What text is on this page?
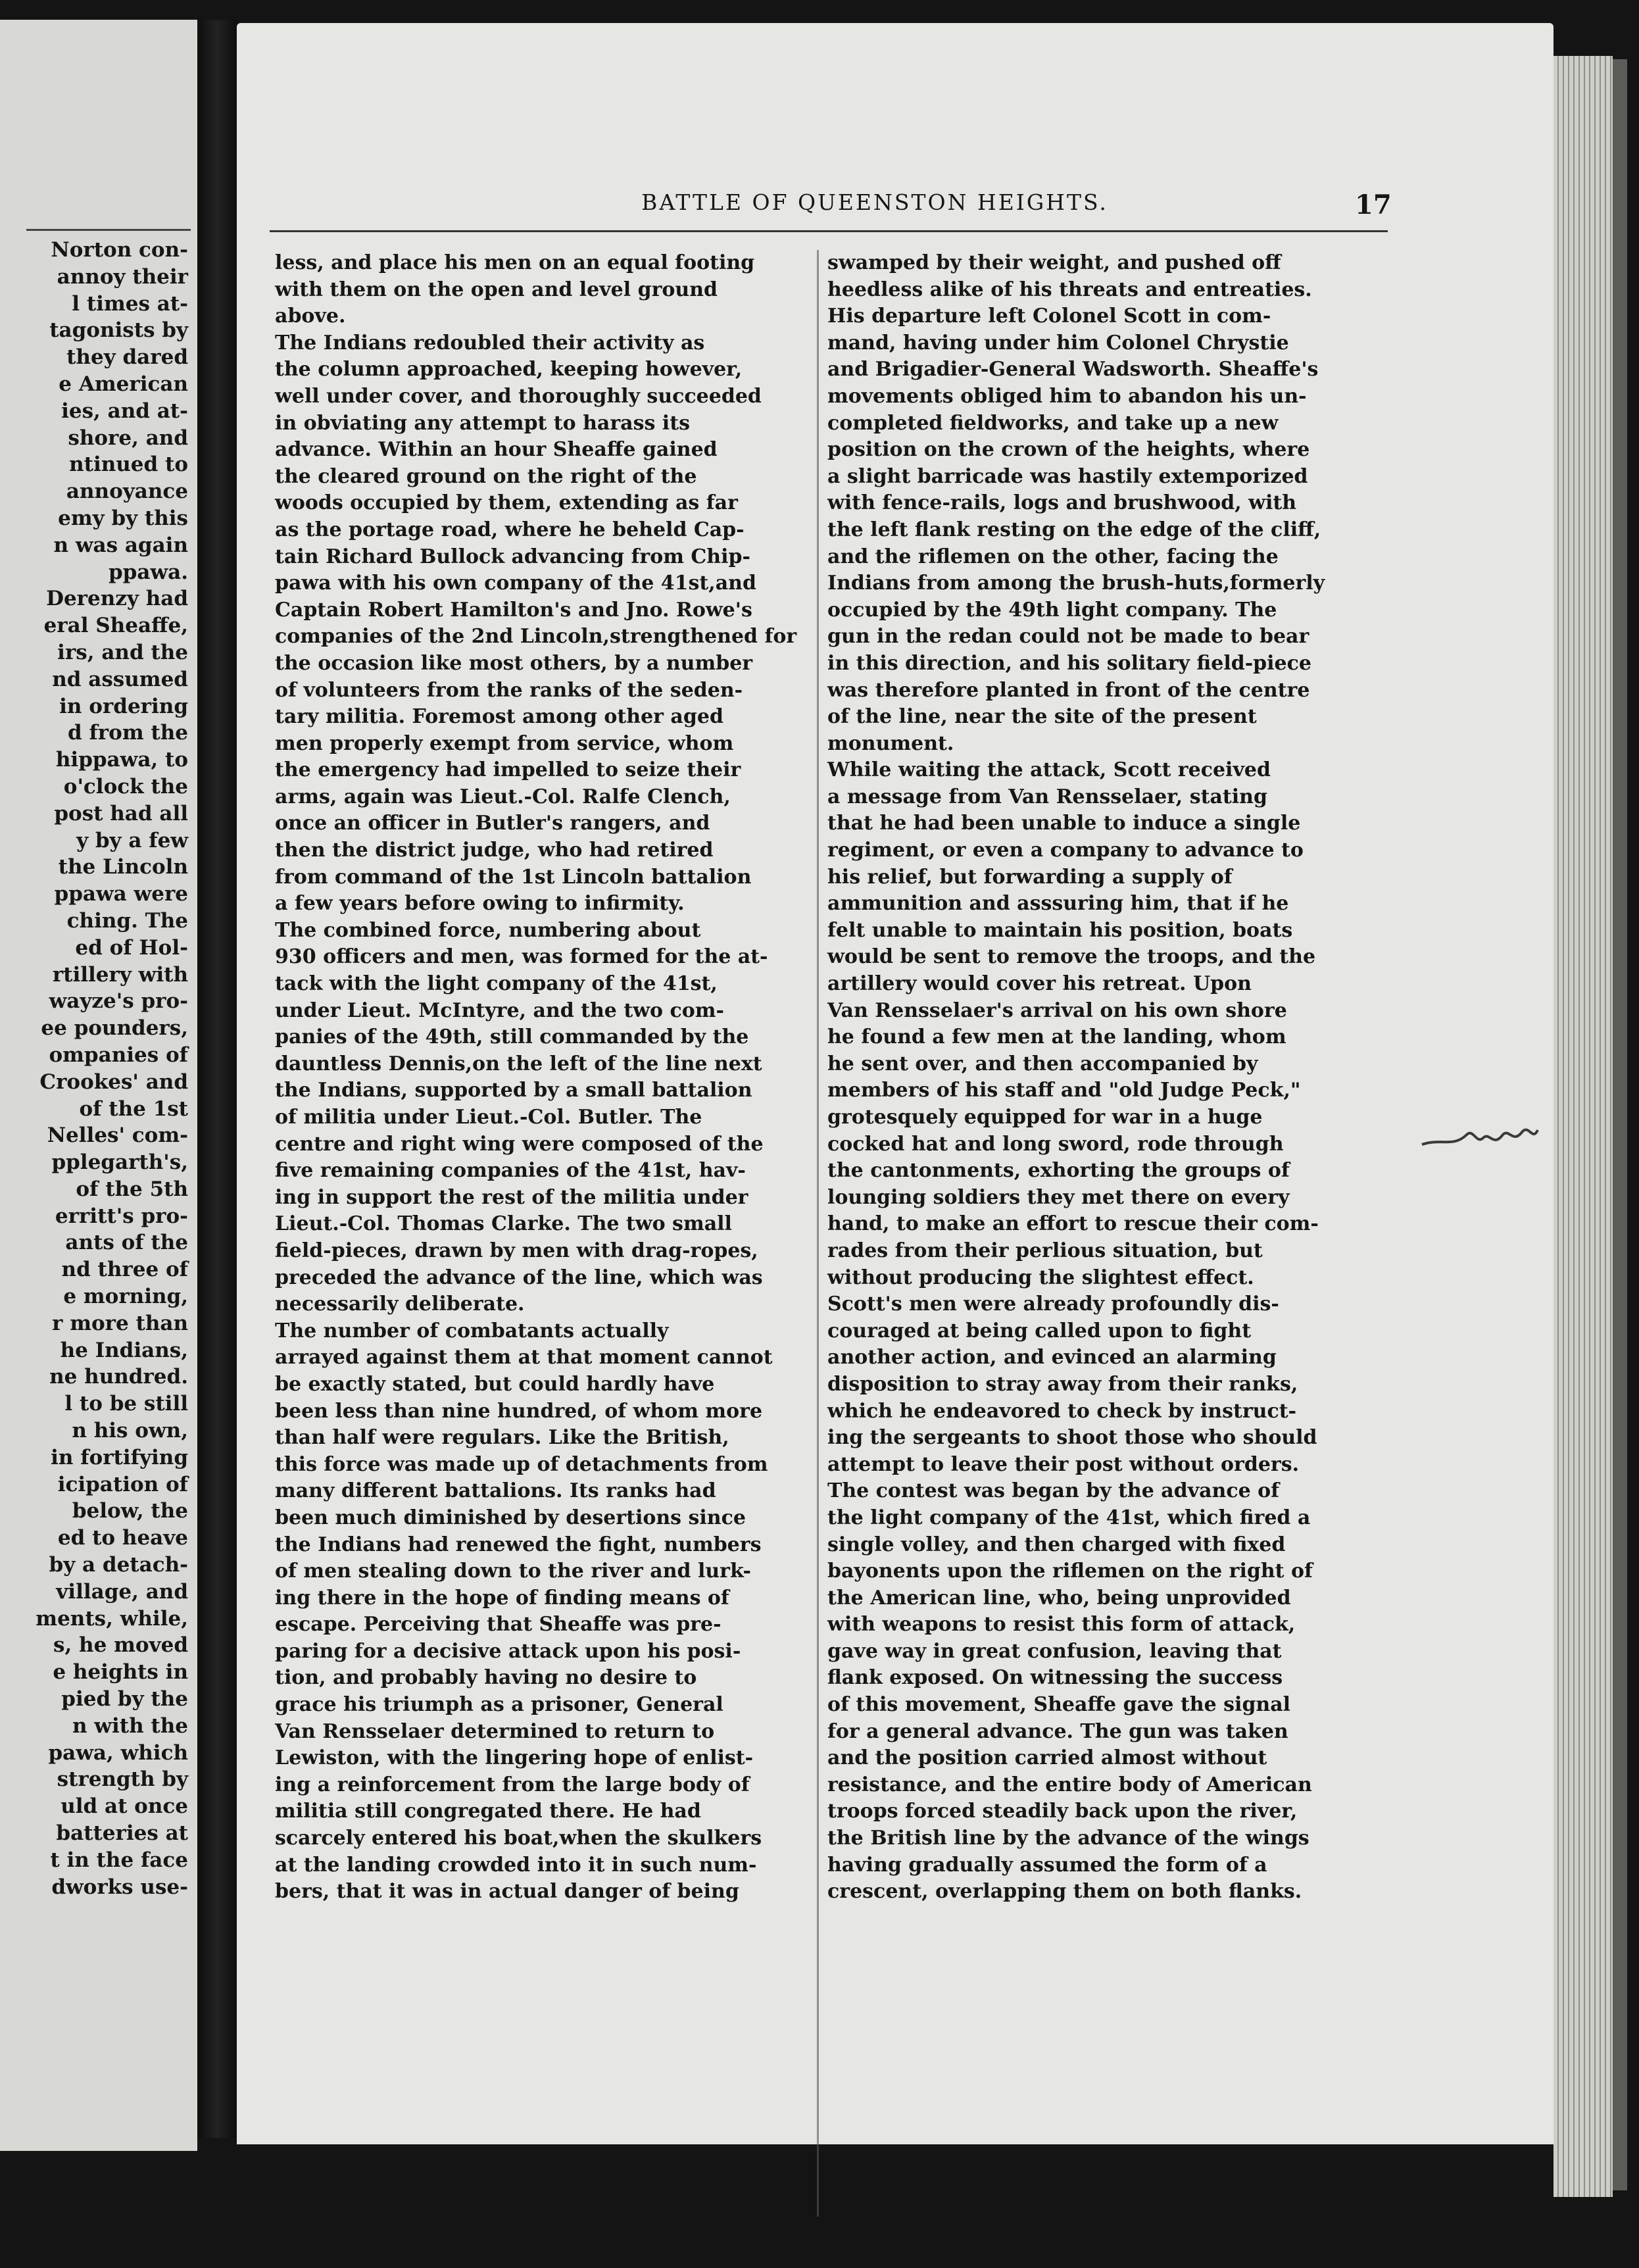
Norton con-
annoy their
l times at-
tagonists by
they dared
e American
ies, and at-
shore, and
ntinued to
annoyance
emy by this
n was again
ppawa.
Derenzy had
eral Sheaffe,
irs, and the
nd assumed
in ordering
d from the
hippawa, to
o'clock the
post had all
y by a few
the Lincoln
ppawa were
ching. The
ed of Hol-
rtillery with
wayze's pro-
ee pounders,
ompanies of
Crookes' and
of the 1st
Nelles' com-
pplegarth's,
of the 5th
erritt's pro-
ants of the
nd three of
e morning,
r more than
he Indians,
ne hundred.
l to be still
n his own,
in fortifying
icipation of
below, the
ed to heave
by a detach-
village, and
ments, while,
s, he moved
e heights in
pied by the
n with the
pawa, which
strength by
uld at once
batteries at
t in the face
dworks use-
BATTLE OF QUEENSTON HEIGHTS.	17
less, and place his men on an equal footing
with them on the open and level ground
above.
The Indians redoubled their activity as
the column approached, keeping however,
well under cover, and thoroughly succeeded
in obviating any attempt to harass its
advance. Within an hour Sheaffe gained
the cleared ground on the right of the
woods occupied by them, extending as far
as the portage road, where he beheld Cap-
tain Richard Bullock advancing from Chip-
pawa with his own company of the 41st,and
Captain Robert Hamilton's and Jno. Rowe's
companies of the 2nd Lincoln,strengthened for
the occasion like most others, by a number
of volunteers from the ranks of the seden-
tary militia. Foremost among other aged
men properly exempt from service, whom
the emergency had impelled to seize their
arms, again was Lieut.-Col. Ralfe Clench,
once an officer in Butler's rangers, and
then the district judge, who had retired
from command of the 1st Lincoln battalion
a few years before owing to infirmity.
The combined force, numbering about
930 officers and men, was formed for the at-
tack with the light company of the 41st,
under Lieut. McIntyre, and the two com-
panies of the 49th, still commanded by the
dauntless Dennis,on the left of the line next
the Indians, supported by a small battalion
of militia under Lieut.-Col. Butler. The
centre and right wing were composed of the
five remaining companies of the 41st, hav-
ing in support the rest of the militia under
Lieut.-Col. Thomas Clarke. The two small
field-pieces, drawn by men with drag-ropes,
preceded the advance of the line, which was
necessarily deliberate.
The number of combatants actually
arrayed against them at that moment cannot
be exactly stated, but could hardly have
been less than nine hundred, of whom more
than half were regulars. Like the British,
this force was made up of detachments from
many different battalions. Its ranks had
been much diminished by desertions since
the Indians had renewed the fight, numbers
of men stealing down to the river and lurk-
ing there in the hope of finding means of
escape. Perceiving that Sheaffe was pre-
paring for a decisive attack upon his posi-
tion, and probably having no desire to
grace his triumph as a prisoner, General
Van Rensselaer determined to return to
Lewiston, with the lingering hope of enlist-
ing a reinforcement from the large body of
militia still congregated there. He had
scarcely entered his boat,when the skulkers
at the landing crowded into it in such num-
bers, that it was in actual danger of being
swamped by their weight, and pushed off
heedless alike of his threats and entreaties.
His departure left Colonel Scott in com-
mand, having under him Colonel Chrystie
and Brigadier-General Wadsworth. Sheaffe's
movements obliged him to abandon his un-
completed fieldworks, and take up a new
position on the crown of the heights, where
a slight barricade was hastily extemporized
with fence-rails, logs and brushwood, with
the left flank resting on the edge of the cliff,
and the riflemen on the other, facing the
Indians from among the brush-huts,formerly
occupied by the 49th light company. The
gun in the redan could not be made to bear
in this direction, and his solitary field-piece
was therefore planted in front of the centre
of the line, near the site of the present
monument.
While waiting the attack, Scott received
a message from Van Rensselaer, stating
that he had been unable to induce a single
regiment, or even a company to advance to
his relief, but forwarding a supply of
ammunition and asssuring him, that if he
felt unable to maintain his position, boats
would be sent to remove the troops, and the
artillery would cover his retreat. Upon
Van Rensselaer's arrival on his own shore
he found a few men at the landing, whom
he sent over, and then accompanied by
members of his staff and "old Judge Peck,"
grotesquely equipped for war in a huge
cocked hat and long sword, rode through
the cantonments, exhorting the groups of
lounging soldiers they met there on every
hand, to make an effort to rescue their com-
rades from their perlious situation, but
without producing the slightest effect.
Scott's men were already profoundly dis-
couraged at being called upon to fight
another action, and evinced an alarming
disposition to stray away from their ranks,
which he endeavored to check by instruct-
ing the sergeants to shoot those who should
attempt to leave their post without orders.
The contest was began by the advance of
the light company of the 41st, which fired a
single volley, and then charged with fixed
bayonents upon the riflemen on the right of
the American line, who, being unprovided
with weapons to resist this form of attack,
gave way in great confusion, leaving that
flank exposed. On witnessing the success
of this movement, Sheaffe gave the signal
for a general advance. The gun was taken
and the position carried almost without
resistance, and the entire body of American
troops forced steadily back upon the river,
the British line by the advance of the wings
having gradually assumed the form of a
crescent, overlapping them on both flanks.
